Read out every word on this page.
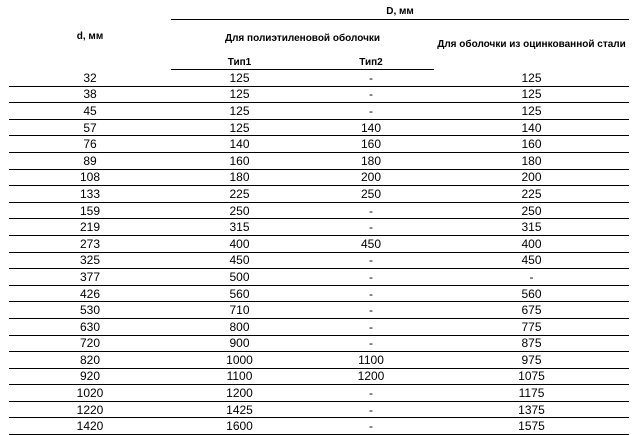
d, мм	D, мм		
	Для полиэтиленовой оболочки		Для оболочки из оцинкованной стали
	Тип1	Тип2	
32	125	-	125
38	125	-	125
45	125	-	125
57	125	140	140
76	140	160	160
89	160	180	180
108	180	200	200
133	225	250	225
159	250	-	250
219	315	-	315
273	400	450	400
325	450	-	450
377	500	-	-
426	560	-	560
530	710	-	675
630	800	-	775
720	900	-	875
820	1000	1100	975
920	1100	1200	1075
1020	1200	-	1175
1220	1425	-	1375
1420	1600	-	1575
